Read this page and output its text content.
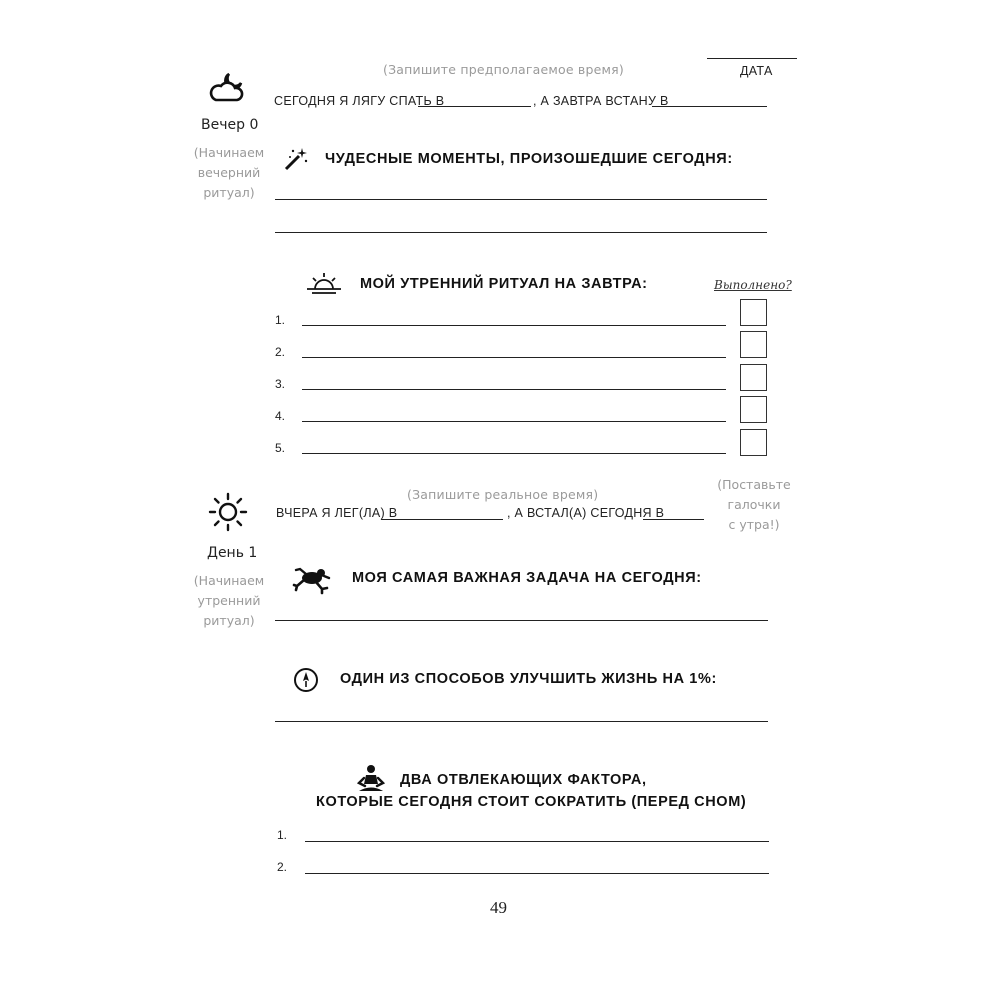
ДАТА
(Запишите предполагаемое время)
Вечер 0
(Начинаем
вечерний
ритуал)
СЕГОДНЯ Я ЛЯГУ СПАТЬ В	, А ЗАВТРА ВСТАНУ В
ЧУДЕСНЫЕ МОМЕНТЫ, ПРОИЗОШЕДШИЕ СЕГОДНЯ:
МОЙ УТРЕННИЙ РИТУАЛ НА ЗАВТРА:	Выполнено?
1.
2.
3.
4.
5.
День 1
(Начинаем
утренний
ритуал)
(Запишите реальное время)
ВЧЕРА Я ЛЕГ(ЛА) В	, А ВСТАЛ(А) СЕГОДНЯ В
(Поставьте
галочки
с утра!)
МОЯ САМАЯ ВАЖНАЯ ЗАДАЧА НА СЕГОДНЯ:
ОДИН ИЗ СПОСОБОВ УЛУЧШИТЬ ЖИЗНЬ НА 1%:
ДВА ОТВЛЕКАЮЩИХ ФАКТОРА,
КОТОРЫЕ СЕГОДНЯ СТОИТ СОКРАТИТЬ (ПЕРЕД СНОМ)
1.
2.
49
